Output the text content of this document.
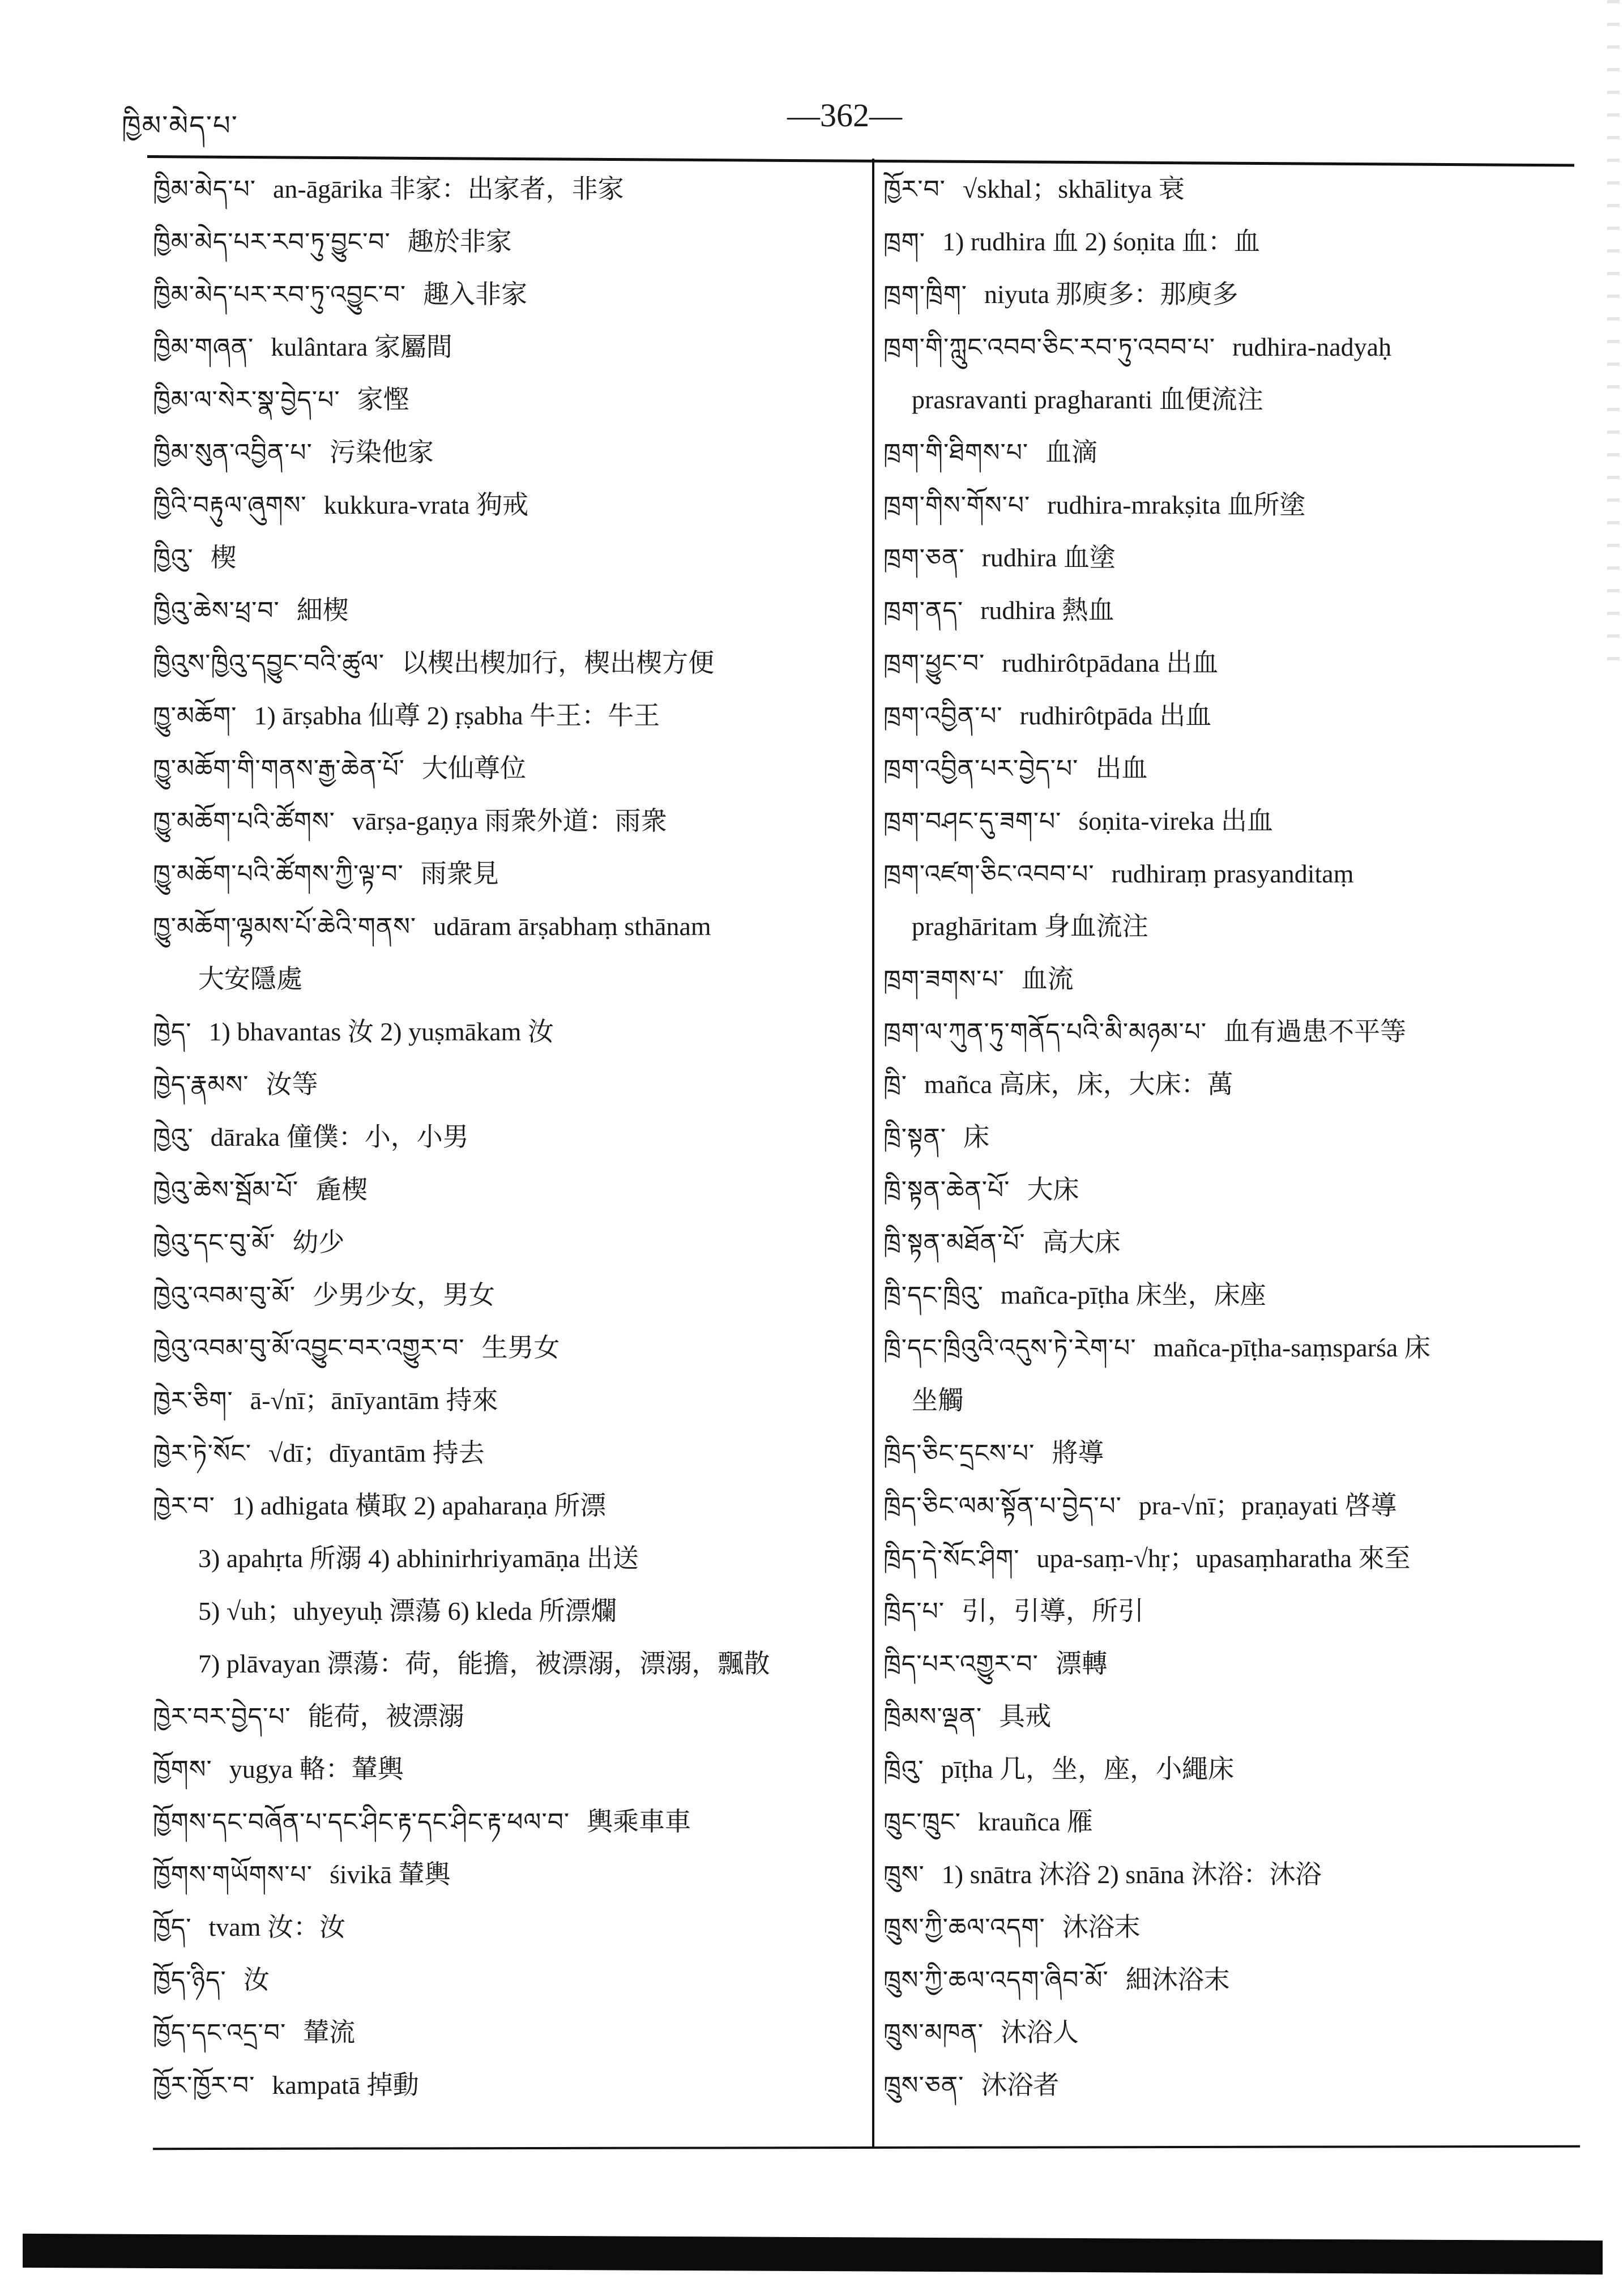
ཁྱིམ་མེད་པ་	—362—
ཁྱིམ་མེད་པ་ an-āgārika 非家：出家者，非家
ཁྱིམ་མེད་པར་རབ་ཏུ་བྱུང་བ་ 趣於非家
ཁྱིམ་མེད་པར་རབ་ཏུ་འབྱུང་བ་ 趣入非家
ཁྱིམ་གཞན་ kulântara 家屬間
ཁྱིམ་ལ་སེར་སྣ་བྱེད་པ་ 家慳
ཁྱིམ་སུན་འབྱིན་པ་ 污染他家
ཁྱིའི་བརྟུལ་ཞུགས་ kukkura-vrata 狗戒
ཁྱིའུ་ 楔
ཁྱིའུ་ཆེས་ཕྲ་བ་ 細楔
ཁྱིའུས་ཁྱིའུ་དབྱུང་བའི་ཚུལ་ 以楔出楔加行，楔出楔方便
ཁྱུ་མཆོག་ 1) ārṣabha 仙尊 2) ṛṣabha 牛王：牛王
ཁྱུ་མཆོག་གི་གནས་རྒྱ་ཆེན་པོ་ 大仙尊位
ཁྱུ་མཆོག་པའི་ཚོགས་ vārṣa-gaṇya 雨衆外道：雨衆
ཁྱུ་མཆོག་པའི་ཚོགས་ཀྱི་ལྟ་བ་ 雨衆見
ཁྱུ་མཆོག་ལྷམས་པོ་ཆེའི་གནས་ udāram ārṣabhaṃ sthānam
大安隱處
ཁྱེད་ 1) bhavantas 汝 2) yuṣmākam 汝
ཁྱེད་རྣམས་ 汝等
ཁྱེའུ་ dāraka 僮僕：小，小男
ཁྱེའུ་ཆེས་སྦོམ་པོ་ 麁楔
ཁྱེའུ་དང་བུ་མོ་ 幼少
ཁྱེའུ་འབམ་བུ་མོ་ 少男少女，男女
ཁྱེའུ་འབམ་བུ་མོ་འབྱུང་བར་འགྱུར་བ་ 生男女
ཁྱེར་ཅིག་ ā-√nī；ānīyantām 持來
ཁྱེར་ཏེ་སོང་ √dī；dīyantām 持去
ཁྱེར་བ་ 1) adhigata 橫取 2) apaharaṇa 所漂
3) apahṛta 所溺 4) abhinirhriyamāṇa 出送
5) √uh；uhyeyuḥ 漂蕩 6) kleda 所漂爛
7) plāvayan 漂蕩：荷，能擔，被漂溺，漂溺，飄散
ཁྱེར་བར་བྱེད་པ་ 能荷，被漂溺
ཁྱོགས་ yugya 輅：輦輿
ཁྱོགས་དང་བཞོན་པ་དང་ཤིང་རྟ་དང་ཤིང་རྟ་ཕལ་བ་ 輿乘車車
ཁྱོགས་གཡོགས་པ་ śivikā 輦輿
ཁྱོད་ tvam 汝：汝
ཁྱོད་ཉིད་ 汝
ཁྱོད་དང་འདྲ་བ་ 輦流
ཁྱོར་ཁྱོར་བ་ kampatā 掉動
ཁྱོར་བ་ √skhal；skhālitya 衰
ཁྲག་ 1) rudhira 血 2) śoṇita 血：血
ཁྲག་ཁྲིག་ niyuta 那庾多：那庾多
ཁྲག་གི་ཀླུང་འབབ་ཅིང་རབ་ཏུ་འབབ་པ་ rudhira-nadyaḥ
prasravanti pragharanti 血便流注
ཁྲག་གི་ཐིགས་པ་ 血滴
ཁྲག་གིས་གོས་པ་ rudhira-mrakṣita 血所塗
ཁྲག་ཅན་ rudhira 血塗
ཁྲག་ནད་ rudhira 熱血
ཁྲག་ཕྱུང་བ་ rudhirôtpādana 出血
ཁྲག་འབྱིན་པ་ rudhirôtpāda 出血
ཁྲག་འབྱིན་པར་བྱེད་པ་ 出血
ཁྲག་བཤང་དུ་ཟག་པ་ śoṇita-vireka 出血
ཁྲག་འཛག་ཅིང་འབབ་པ་ rudhiraṃ prasyanditaṃ
praghāritam 身血流注
ཁྲག་ཟགས་པ་ 血流
ཁྲག་ལ་ཀུན་ཏུ་གནོད་པའི་མི་མཉམ་པ་ 血有過患不平等
ཁྲི་ mañca 高床，床，大床：萬
ཁྲི་སྟན་ 床
ཁྲི་སྟན་ཆེན་པོ་ 大床
ཁྲི་སྟན་མཐོན་པོ་ 高大床
ཁྲི་དང་ཁྲིའུ་ mañca-pīṭha 床坐，床座
ཁྲི་དང་ཁྲིའུའི་འདུས་ཏེ་རེག་པ་ mañca-pīṭha-saṃsparśa 床
坐觸
ཁྲིད་ཅིང་དྲངས་པ་ 將導
ཁྲིད་ཅིང་ལམ་སྟོན་པ་བྱེད་པ་ pra-√nī；praṇayati 啓導
ཁྲིད་དེ་སོང་ཤིག་ upa-saṃ-√hṛ；upasaṃharatha 來至
ཁྲིད་པ་ 引，引導，所引
ཁྲིད་པར་འགྱུར་བ་ 漂轉
ཁྲིམས་ལྡན་ 具戒
ཁྲིའུ་ pīṭha 几，坐，座，小繩床
ཁྲུང་ཁྲུང་ krauñca 雁
ཁྲུས་ 1) snātra 沐浴 2) snāna 沐浴：沐浴
ཁྲུས་ཀྱི་ཆལ་འདག་ 沐浴末
ཁྲུས་ཀྱི་ཆལ་འདག་ཞིབ་མོ་ 細沐浴末
ཁྲུས་མཁན་ 沐浴人
ཁྲུས་ཅན་ 沐浴者
